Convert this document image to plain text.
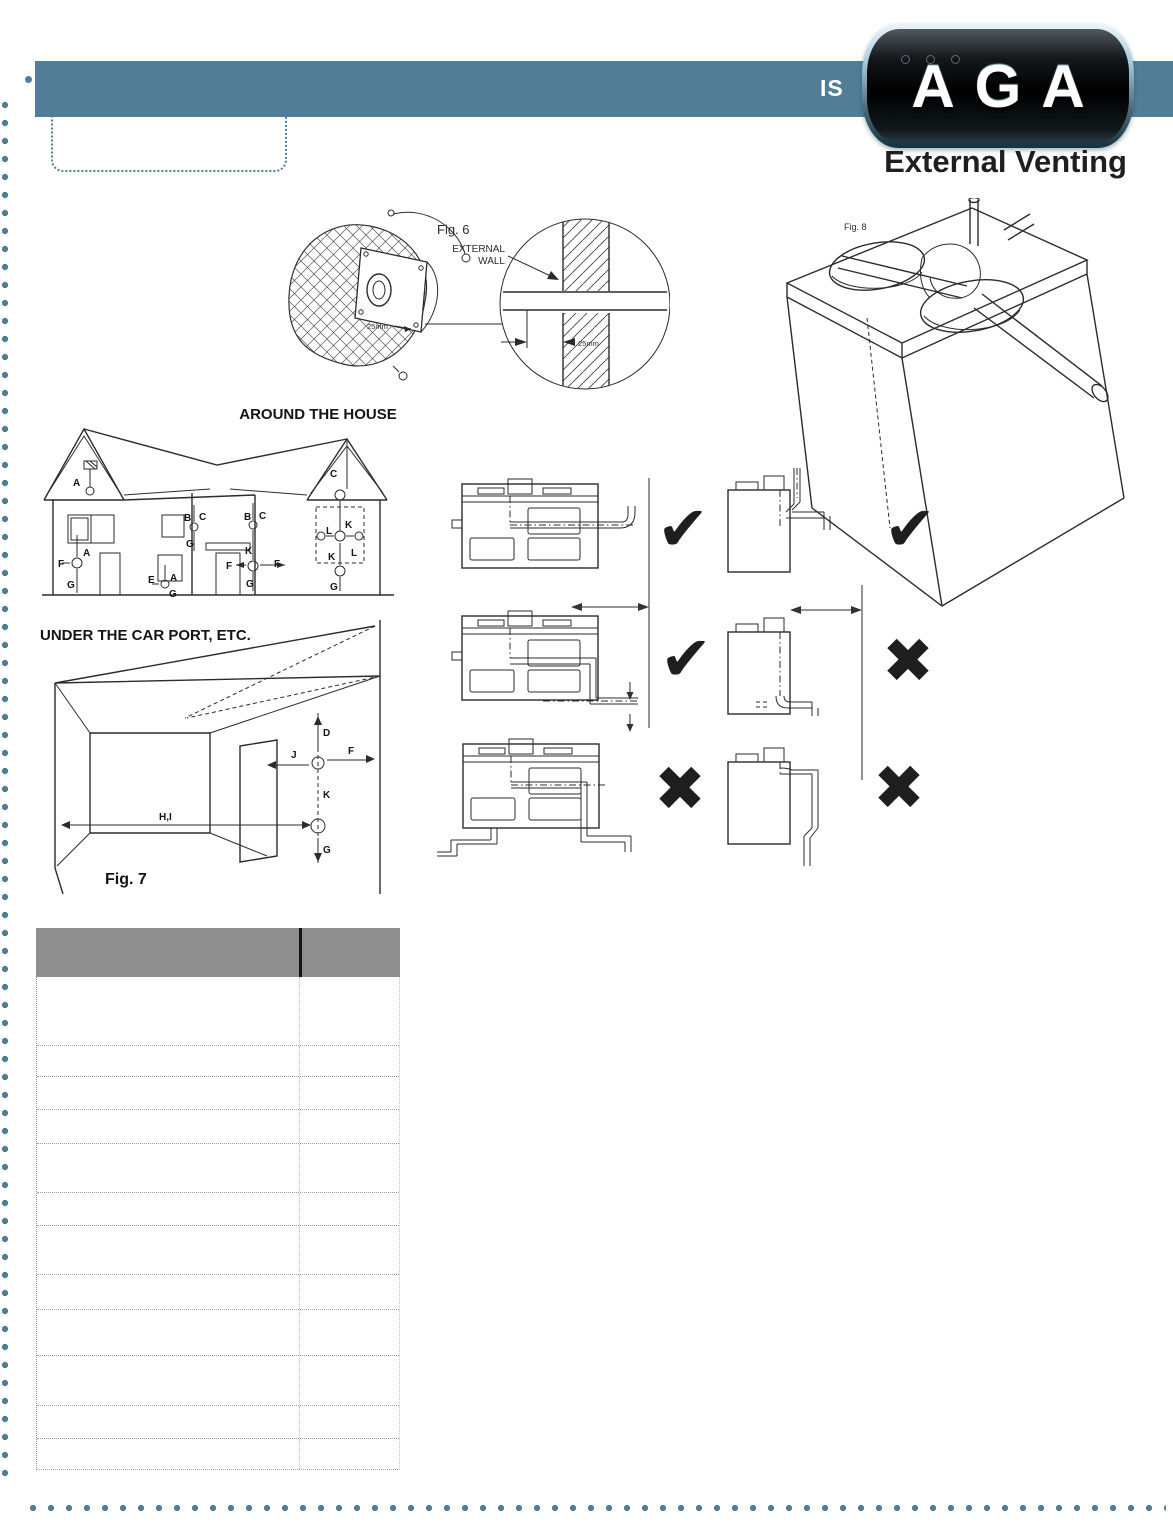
IS	AGA
External Venting
Fig. 6
25mm
25mm
EXTERNAL
WALL
Fig. 8
AROUND THE HOUSE
A
C
B C
G
B C
K
F	F
G
A
F
G	E A
G
K
L
K L
G
UNDER THE CAR PORT, ETC.
D
J	F
K
H,I
G
Fig. 7
✔	✔
✔	✖
✖	✖
